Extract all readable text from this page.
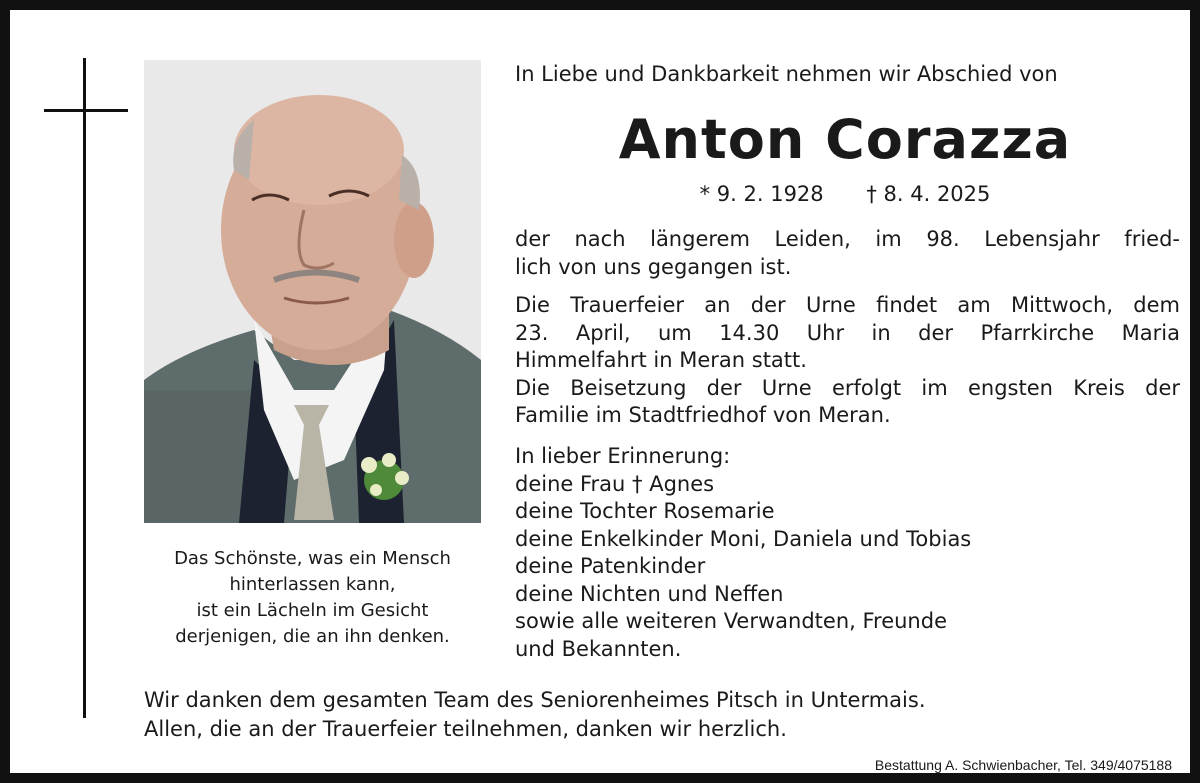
Das Schönste, was ein Mensch
hinterlassen kann,
ist ein Lächeln im Gesicht
derjenigen, die an ihn denken.
In Liebe und Dankbarkeit nehmen wir Abschied von
Anton Corazza
* 9. 2. 1928 † 8. 4. 2025
der nach längerem Leiden, im 98. Lebensjahr fried-
lich von uns gegangen ist.
Die Trauerfeier an der Urne findet am Mittwoch, dem
23. April, um 14.30 Uhr in der Pfarrkirche Maria
Himmelfahrt in Meran statt.
Die Beisetzung der Urne erfolgt im engsten Kreis der
Familie im Stadtfriedhof von Meran.
In lieber Erinnerung:
deine Frau † Agnes
deine Tochter Rosemarie
deine Enkelkinder Moni, Daniela und Tobias
deine Patenkinder
deine Nichten und Neffen
sowie alle weiteren Verwandten, Freunde
und Bekannten.
Wir danken dem gesamten Team des Seniorenheimes Pitsch in Untermais.
Allen, die an der Trauerfeier teilnehmen, danken wir herzlich.
Bestattung A. Schwienbacher, Tel. 349/4075188
